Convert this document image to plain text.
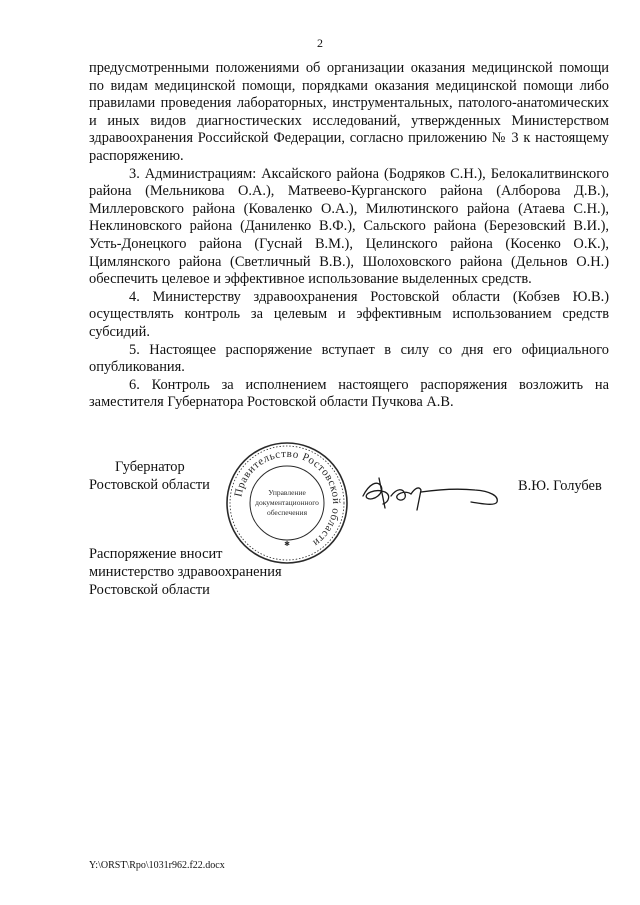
2

предусмотренными положениями об организации оказания медицинской помощи по видам медицинской помощи, порядками оказания медицинской помощи либо правилами проведения лабораторных, инструментальных, патолого-анатомических и иных видов диагностических исследований, утвержденных Министерством здравоохранения Российской Федерации, согласно приложению № 3 к настоящему распоряжению.

3. Администрациям: Аксайского района (Бодряков С.Н.), Белокалитвинского района (Мельникова О.А.), Матвеево-Курганского района (Алборова Д.В.), Миллеровского района (Коваленко О.А.), Милютинского района (Атаева С.Н.), Неклиновского района (Даниленко В.Ф.), Сальского района (Березовский В.И.), Усть-Донецкого района (Гуснай В.М.), Целинского района (Косенко О.К.), Цимлянского района (Светличный В.В.), Шолоховского района (Дельнов О.Н.) обеспечить целевое и эффективное использование выделенных средств.

4. Министерству здравоохранения Ростовской области (Кобзев Ю.В.) осуществлять контроль за целевым и эффективным использованием средств субсидий.

5. Настоящее распоряжение вступает в силу со дня его официального опубликования.

6. Контроль за исполнением настоящего распоряжения возложить на заместителя Губернатора Ростовской области Пучкова А.В.

Губернатор
Ростовской области	Правительство Ростовской области
Управление
документационного
обеспечения
✱
В.Ю. Голубев
Распоряжение вносит
министерство здравоохранения
Ростовской области
Y:\ORST\Rpo\1031r962.f22.docx
